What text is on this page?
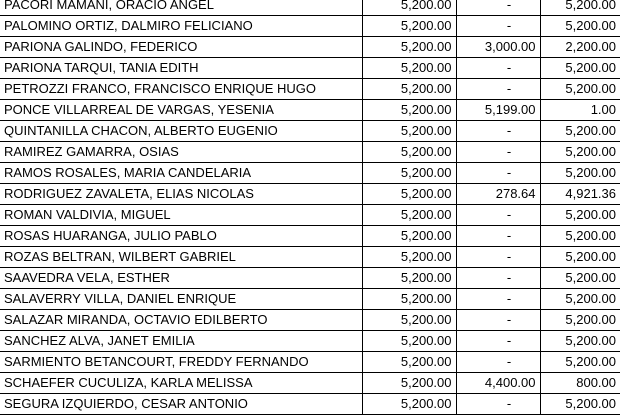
PACORI MAMANI, ORACIO ANGEL	5,200.00	-	5,200.00
PALOMINO ORTIZ, DALMIRO FELICIANO	5,200.00	-	5,200.00
PARIONA GALINDO, FEDERICO	5,200.00	3,000.00	2,200.00
PARIONA TARQUI, TANIA EDITH	5,200.00	-	5,200.00
PETROZZI FRANCO, FRANCISCO ENRIQUE HUGO	5,200.00	-	5,200.00
PONCE VILLARREAL DE VARGAS, YESENIA	5,200.00	5,199.00	1.00
QUINTANILLA CHACON, ALBERTO EUGENIO	5,200.00	-	5,200.00
RAMIREZ GAMARRA, OSIAS	5,200.00	-	5,200.00
RAMOS ROSALES, MARIA CANDELARIA	5,200.00	-	5,200.00
RODRIGUEZ ZAVALETA, ELIAS NICOLAS	5,200.00	278.64	4,921.36
ROMAN VALDIVIA, MIGUEL	5,200.00	-	5,200.00
ROSAS HUARANGA, JULIO PABLO	5,200.00	-	5,200.00
ROZAS BELTRAN, WILBERT GABRIEL	5,200.00	-	5,200.00
SAAVEDRA VELA, ESTHER	5,200.00	-	5,200.00
SALAVERRY VILLA, DANIEL ENRIQUE	5,200.00	-	5,200.00
SALAZAR MIRANDA, OCTAVIO EDILBERTO	5,200.00	-	5,200.00
SANCHEZ ALVA, JANET EMILIA	5,200.00	-	5,200.00
SARMIENTO BETANCOURT, FREDDY FERNANDO	5,200.00	-	5,200.00
SCHAEFER CUCULIZA, KARLA MELISSA	5,200.00	4,400.00	800.00
SEGURA IZQUIERDO, CESAR ANTONIO	5,200.00	-	5,200.00
